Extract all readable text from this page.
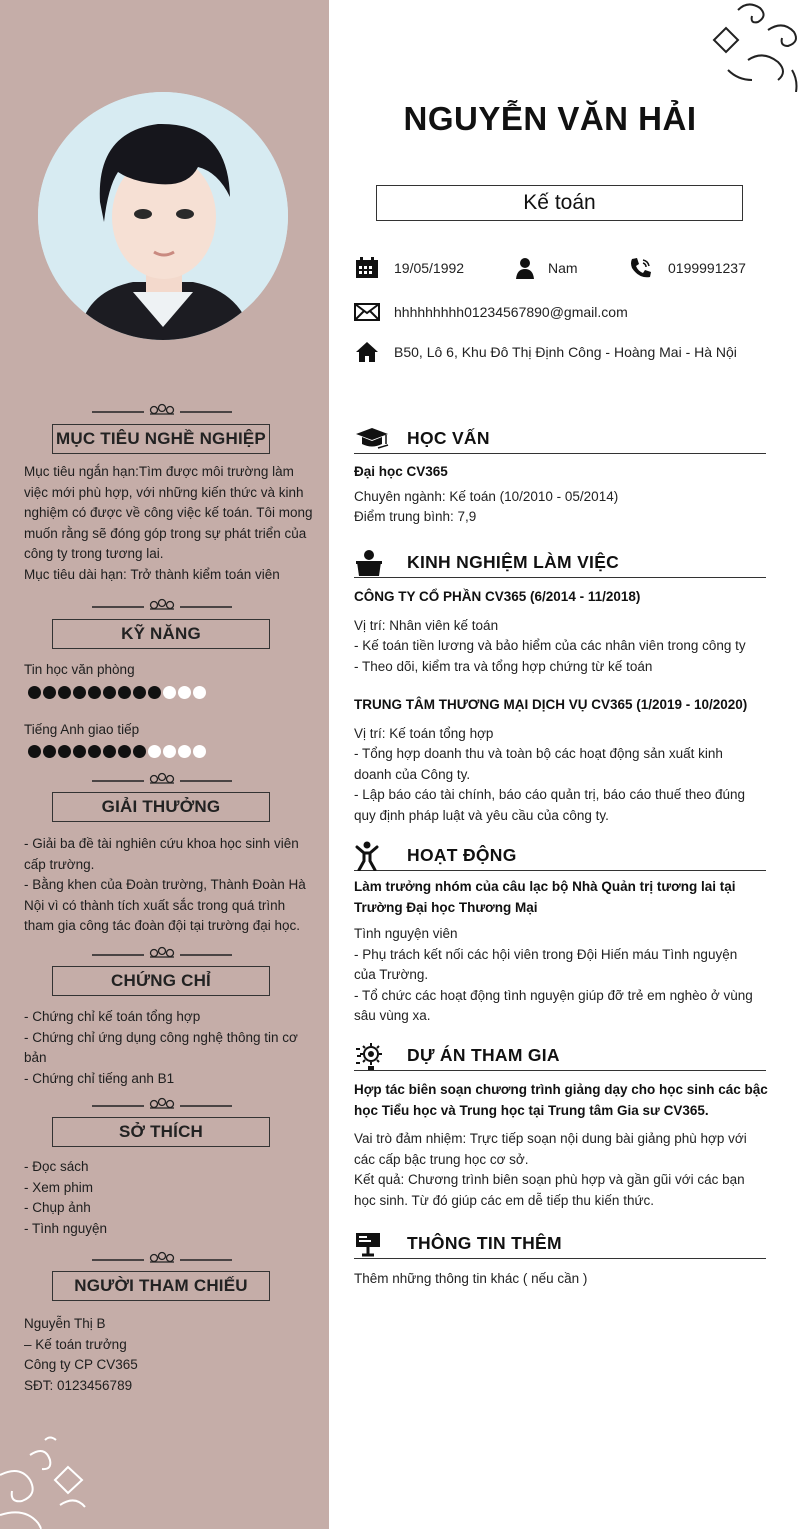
MỤC TIÊU NGHỀ NGHIỆP

Mục tiêu ngắn hạn:Tìm được môi trường làm

việc mới phù hợp, với những kiến thức và kinh

nghiệm có được về công việc kế toán. Tôi mong

muốn rằng sẽ đóng góp trong sự phát triển của

công ty trong tương lai.

Mục tiêu dài hạn: Trở thành kiểm toán viên

KỸ NĂNG
Tin học văn phòng
Tiếng Anh giao tiếp
GIẢI THƯỞNG

- Giải ba đề tài nghiên cứu khoa học sinh viên

cấp trường.

- Bằng khen của Đoàn trường, Thành Đoàn Hà

Nội vì có thành tích xuất sắc trong quá trình

tham gia công tác đoàn đội tại trường đại học.

CHỨNG CHỈ

- Chứng chỉ kế toán tổng hợp

- Chứng chỉ ứng dụng công nghệ thông tin cơ

bản

- Chứng chỉ tiếng anh B1

SỞ THÍCH

- Đọc sách

- Xem phim

- Chụp ảnh

- Tình nguyện

NGƯỜI THAM CHIẾU

Nguyễn Thị B

– Kế toán trưởng

Công ty CP CV365

SĐT: 0123456789

NGUYỄN VĂN HẢI
Kế toán
19/05/1992	Nam	0199991237
hhhhhhhhh01234567890@gmail.com
B50, Lô 6, Khu Đô Thị Định Công - Hoàng Mai - Hà Nội
HỌC VẤN

Đại học CV365

Chuyên ngành: Kế toán (10/2010 - 05/2014)

Điểm trung bình: 7,9

KINH NGHIỆM LÀM VIỆC

CÔNG TY CỔ PHẦN CV365 (6/2014 - 11/2018)

Vị trí: Nhân viên kế toán

- Kế toán tiền lương và bảo hiểm của các nhân viên trong công ty

- Theo dõi, kiểm tra và tổng hợp chứng từ kế toán

TRUNG TÂM THƯƠNG MẠI DỊCH VỤ CV365 (1/2019 - 10/2020)

Vị trí: Kế toán tổng hợp

- Tổng hợp doanh thu và toàn bộ các hoạt động sản xuất kinh

doanh của Công ty.

- Lập báo cáo tài chính, báo cáo quản trị, báo cáo thuế theo đúng

quy định pháp luật và yêu cầu của công ty.

HOẠT ĐỘNG

Làm trưởng nhóm của câu lạc bộ Nhà Quản trị tương lai tại

Trường Đại học Thương Mại

Tình nguyện viên

- Phụ trách kết nối các hội viên trong Đội Hiến máu Tình nguyện

của Trường.

- Tổ chức các hoạt động tình nguyện giúp đỡ trẻ em nghèo ở vùng

sâu vùng xa.

DỰ ÁN THAM GIA

Hợp tác biên soạn chương trình giảng dạy cho học sinh các bậc

học Tiểu học và Trung học tại Trung tâm Gia sư CV365.

Vai trò đảm nhiệm: Trực tiếp soạn nội dung bài giảng phù hợp với

các cấp bậc trung học cơ sở.

Kết quả: Chương trình biên soạn phù hợp và gần gũi với các bạn

học sinh. Từ đó giúp các em dễ tiếp thu kiến thức.

THÔNG TIN THÊM

Thêm những thông tin khác ( nếu cần )
